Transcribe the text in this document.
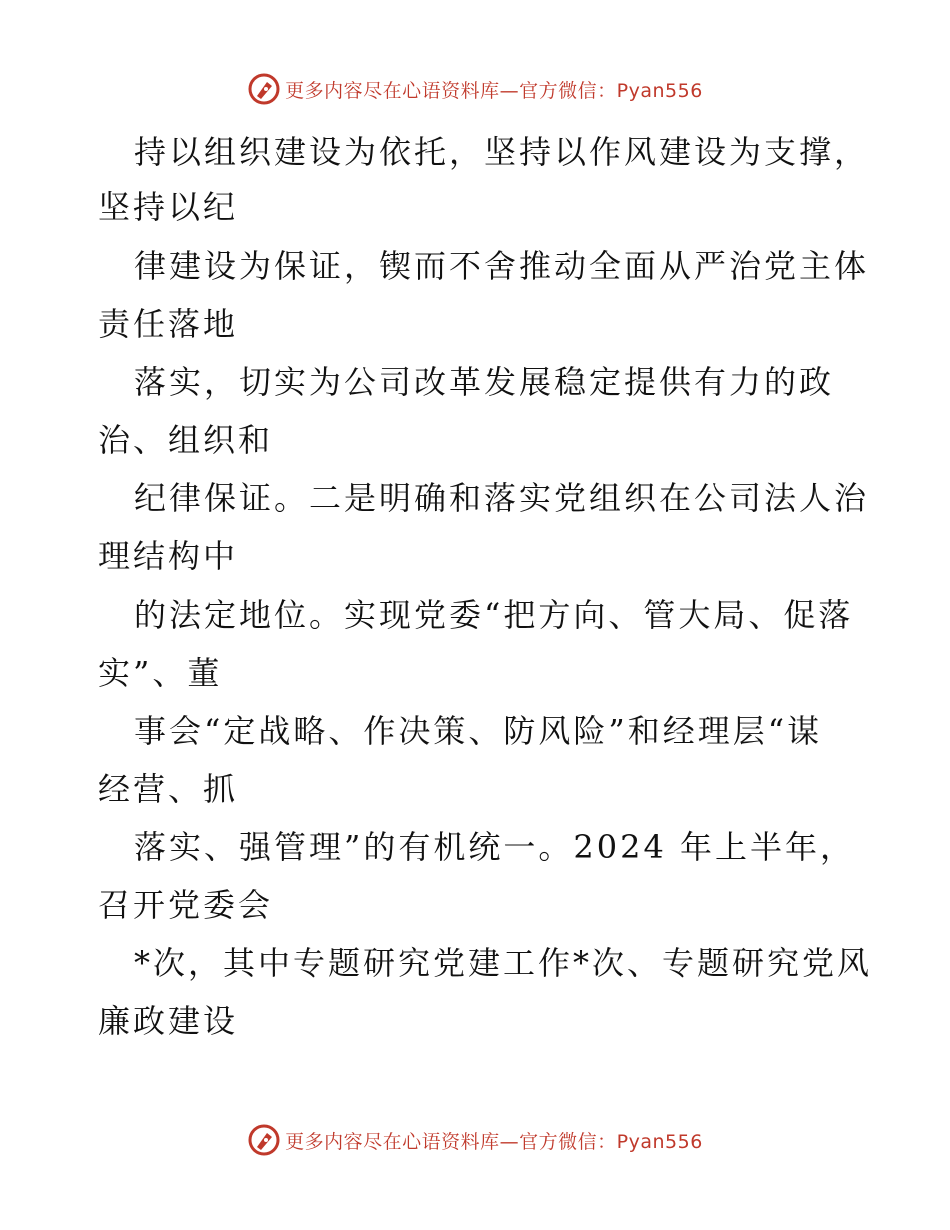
更多内容尽在心语资料库—官方微信：Pyan556
持以组织建设为依托，坚持以作风建设为支撑，
坚持以纪
律建设为保证，锲而不舍推动全面从严治党主体
责任落地
落实，切实为公司改革发展稳定提供有力的政
治、组织和
纪律保证。二是明确和落实党组织在公司法人治
理结构中
的法定地位。实现党委“把方向、管大局、促落
实”、董
事会“定战略、作决策、防风险”和经理层“谋
经营、抓
落实、强管理”的有机统一。2024 年上半年，
召开党委会
*次，其中专题研究党建工作*次、专题研究党风
廉政建设
更多内容尽在心语资料库—官方微信：Pyan556
